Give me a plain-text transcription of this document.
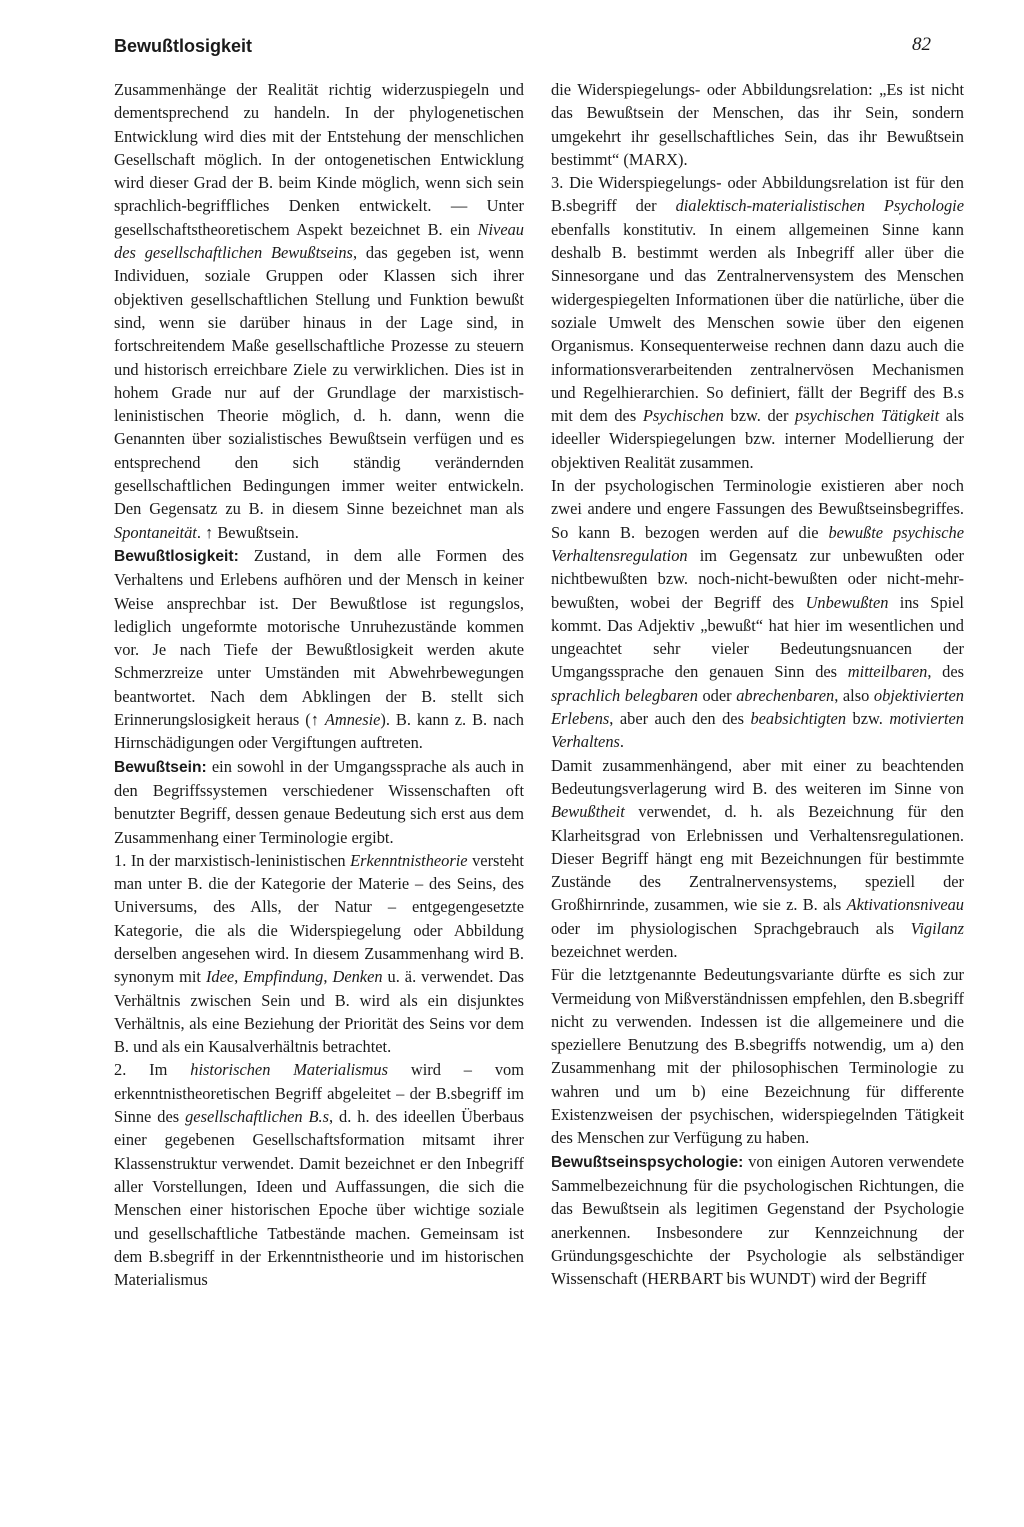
Bewußtlosigkeit	82

Zusammenhänge der Realität richtig widerzuspiegeln und dementsprechend zu handeln. In der phylogenetischen Entwicklung wird dies mit der Entstehung der menschlichen Gesellschaft möglich. In der ontogenetischen Entwicklung wird dieser Grad der B. beim Kinde möglich, wenn sich sein sprachlich-begriffliches Denken entwickelt. — Unter gesellschaftstheoretischem Aspekt bezeichnet B. ein Niveau des gesellschaftlichen Bewußtseins, das gegeben ist, wenn Individuen, soziale Gruppen oder Klassen sich ihrer objektiven gesellschaftlichen Stellung und Funktion bewußt sind, wenn sie darüber hinaus in der Lage sind, in fortschreitendem Maße gesellschaftliche Prozesse zu steuern und historisch erreichbare Ziele zu verwirklichen. Dies ist in hohem Grade nur auf der Grundlage der marxistisch-leninistischen Theorie möglich, d. h. dann, wenn die Genannten über sozialistisches Bewußtsein verfügen und es entsprechend den sich ständig verändernden gesellschaftlichen Bedingungen immer weiter entwickeln. Den Gegensatz zu B. in diesem Sinne bezeichnet man als Spontaneität. ↑ Bewußtsein.

Bewußtlosigkeit: Zustand, in dem alle Formen des Verhaltens und Erlebens aufhören und der Mensch in keiner Weise ansprechbar ist. Der Bewußtlose ist regungslos, lediglich ungeformte motorische Unruhezustände kommen vor. Je nach Tiefe der Bewußtlosigkeit werden akute Schmerzreize unter Umständen mit Abwehrbewegungen beantwortet. Nach dem Abklingen der B. stellt sich Erinnerungslosigkeit heraus (↑ Amnesie). B. kann z. B. nach Hirnschädigungen oder Vergiftungen auftreten.

Bewußtsein: ein sowohl in der Umgangssprache als auch in den Begriffssystemen verschiedener Wissenschaften oft benutzter Begriff, dessen genaue Bedeutung sich erst aus dem Zusammenhang einer Terminologie ergibt.

1. In der marxistisch-leninistischen Erkenntnistheorie versteht man unter B. die der Kategorie der Materie – des Seins, des Universums, des Alls, der Natur – entgegengesetzte Kategorie, die als die Widerspiegelung oder Abbildung derselben angesehen wird. In diesem Zusammenhang wird B. synonym mit Idee, Empfindung, Denken u. ä. verwendet. Das Verhältnis zwischen Sein und B. wird als ein disjunktes Verhältnis, als eine Beziehung der Priorität des Seins vor dem B. und als ein Kausalverhältnis betrachtet.

2. Im historischen Materialismus wird – vom erkenntnistheoretischen Begriff abgeleitet – der B.sbegriff im Sinne des gesellschaftlichen B.s, d. h. des ideellen Überbaus einer gegebenen Gesellschaftsformation mitsamt ihrer Klassenstruktur verwendet. Damit bezeichnet er den Inbegriff aller Vorstellungen, Ideen und Auffassungen, die sich die Menschen einer historischen Epoche über wichtige soziale und gesellschaftliche Tatbestände machen. Gemeinsam ist dem B.sbegriff in der Erkenntnistheorie und im historischen Materialismus

die Widerspiegelungs- oder Abbildungsrelation: „Es ist nicht das Bewußtsein der Menschen, das ihr Sein, sondern umgekehrt ihr gesellschaftliches Sein, das ihr Bewußtsein bestimmt“ (MARX).

3. Die Widerspiegelungs- oder Abbildungsrelation ist für den B.sbegriff der dialektisch-materialistischen Psychologie ebenfalls konstitutiv. In einem allgemeinen Sinne kann deshalb B. bestimmt werden als Inbegriff aller über die Sinnesorgane und das Zentralnervensystem des Menschen widergespiegelten Informationen über die natürliche, über die soziale Umwelt des Menschen sowie über den eigenen Organismus. Konsequenterweise rechnen dann dazu auch die informationsverarbeitenden zentralnervösen Mechanismen und Regelhierarchien. So definiert, fällt der Begriff des B.s mit dem des Psychischen bzw. der psychischen Tätigkeit als ideeller Widerspiegelungen bzw. interner Modellierung der objektiven Realität zusammen.

In der psychologischen Terminologie existieren aber noch zwei andere und engere Fassungen des Bewußtseinsbegriffes. So kann B. bezogen werden auf die bewußte psychische Verhaltensregulation im Gegensatz zur unbewußten oder nichtbewußten bzw. noch-nicht-bewußten oder nicht-mehr-bewußten, wobei der Begriff des Unbewußten ins Spiel kommt. Das Adjektiv „bewußt“ hat hier im wesentlichen und ungeachtet sehr vieler Bedeutungsnuancen der Umgangssprache den genauen Sinn des mitteilbaren, des sprachlich belegbaren oder abrechenbaren, also objektivierten Erlebens, aber auch den des beabsichtigten bzw. motivierten Verhaltens.

Damit zusammenhängend, aber mit einer zu beachtenden Bedeutungsverlagerung wird B. des weiteren im Sinne von Bewußtheit verwendet, d. h. als Bezeichnung für den Klarheitsgrad von Erlebnissen und Verhaltensregulationen. Dieser Begriff hängt eng mit Bezeichnungen für bestimmte Zustände des Zentralnervensystems, speziell der Großhirnrinde, zusammen, wie sie z. B. als Aktivationsniveau oder im physiologischen Sprachgebrauch als Vigilanz bezeichnet werden.

Für die letztgenannte Bedeutungsvariante dürfte es sich zur Vermeidung von Mißverständnissen empfehlen, den B.sbegriff nicht zu verwenden. Indessen ist die allgemeinere und die speziellere Benutzung des B.sbegriffs notwendig, um a) den Zusammenhang mit der philosophischen Terminologie zu wahren und um b) eine Bezeichnung für differente Existenzweisen der psychischen, widerspiegelnden Tätigkeit des Menschen zur Verfügung zu haben.

Bewußtseinspsychologie: von einigen Autoren verwendete Sammelbezeichnung für die psychologischen Richtungen, die das Bewußtsein als legitimen Gegenstand der Psychologie anerkennen. Insbesondere zur Kennzeichnung der Gründungsgeschichte der Psychologie als selbständiger Wissenschaft (HERBART bis WUNDT) wird der Begriff
